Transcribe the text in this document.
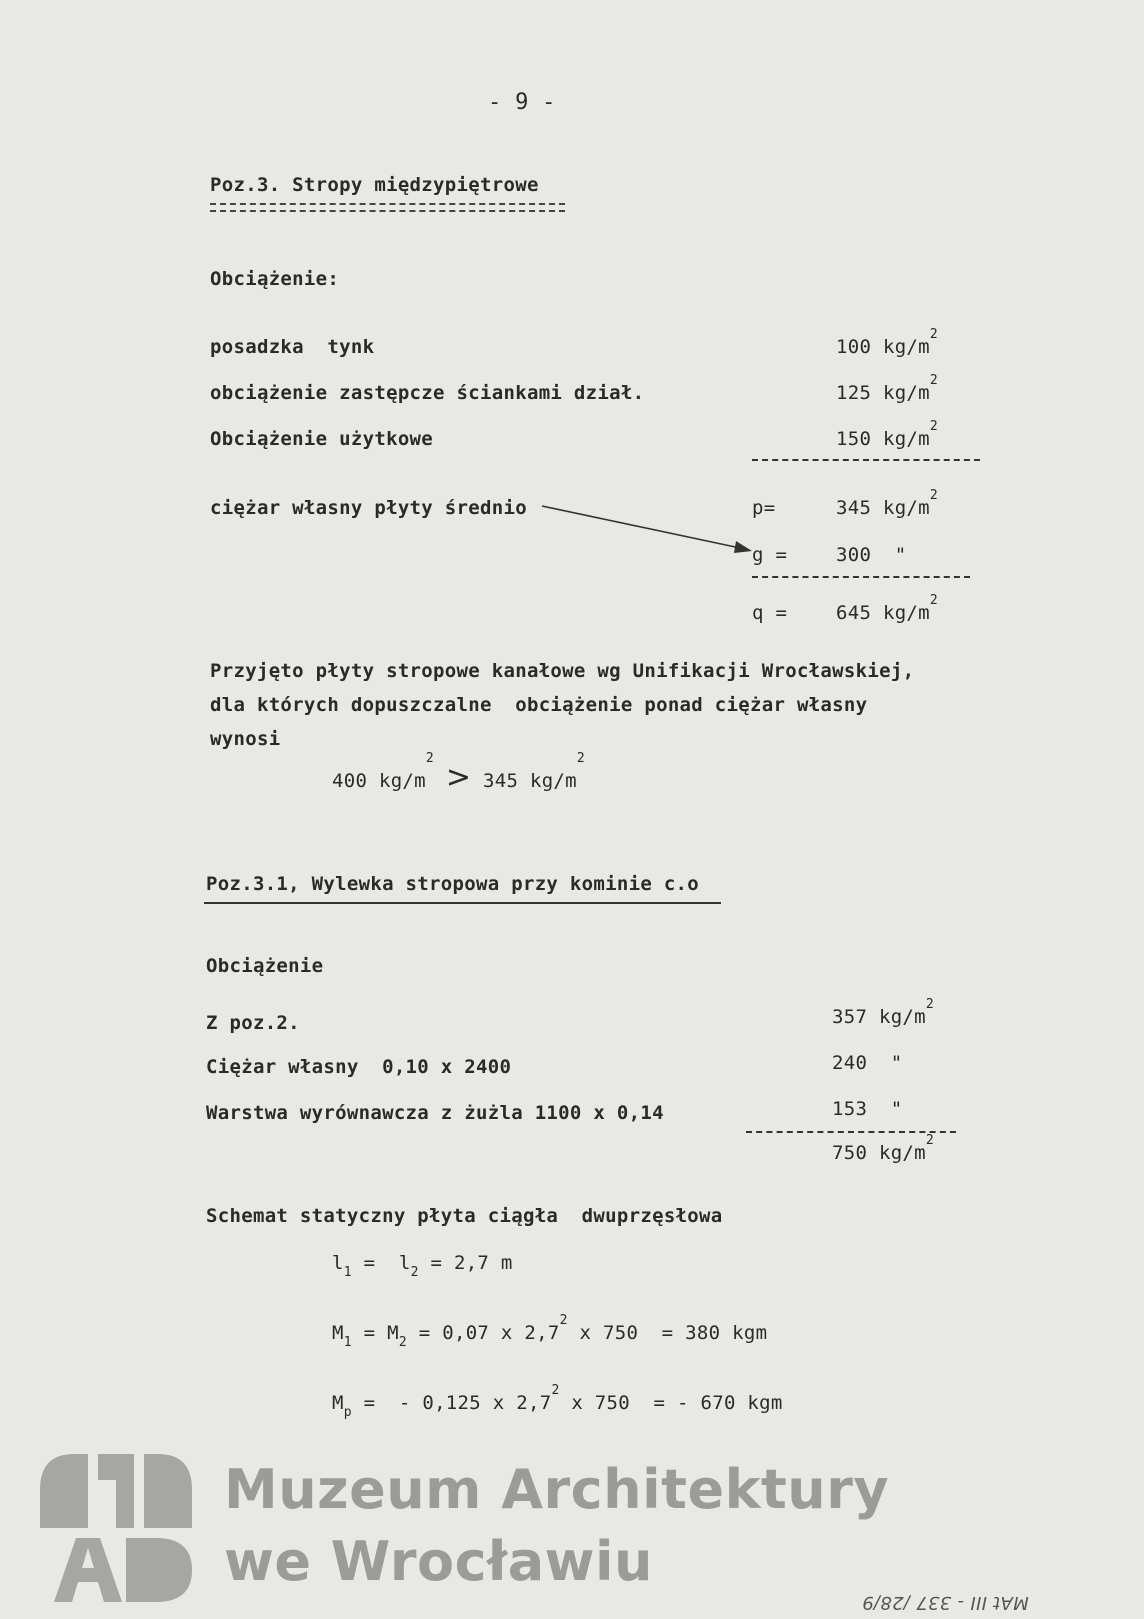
- 9 -
Poz.3. Stropy międzypiętrowe
Obciążenie:
posadzka  tynk	100 $kg/m^2$
obciążenie zastępcze ściankami dział.	125 $kg/m^2$
Obciążenie użytkowe	150 $kg/m^2$
ciężar własny płyty średnio	p=	345 $kg/m^2$
g =	300  "
q =	645 $kg/m^2$
Przyjęto płyty stropowe kanałowe wg Unifikacji Wrocławskiej,
dla których dopuszczalne  obciążenie ponad ciężar własny
wynosi
400 $kg/m^2 > 345$ $kg/m^2$
Poz.3.1, Wylewka stropowa przy kominie c.o
Obciążenie
Z poz.2.	357 $kg/m^2$
Ciężar własny  0,10 x 2400	240  "
Warstwa wyrównawcza z żużla 1100 x 0,14	153  "
750 $kg/m^2$
Schemat statyczny płyta ciągła  dwuprzęsłowa
$l_1 = l_2 = 2,7$ m
$M_1 = M_2 = 0,07$ x $2,7^2$ x 750  = 380 kgm
$M_p$ =  - 0,125 x $2,7^2$ x 750  = - 670 kgm
Muzeum Architektury
we Wrocławiu
MAt III - 337 /28/9
